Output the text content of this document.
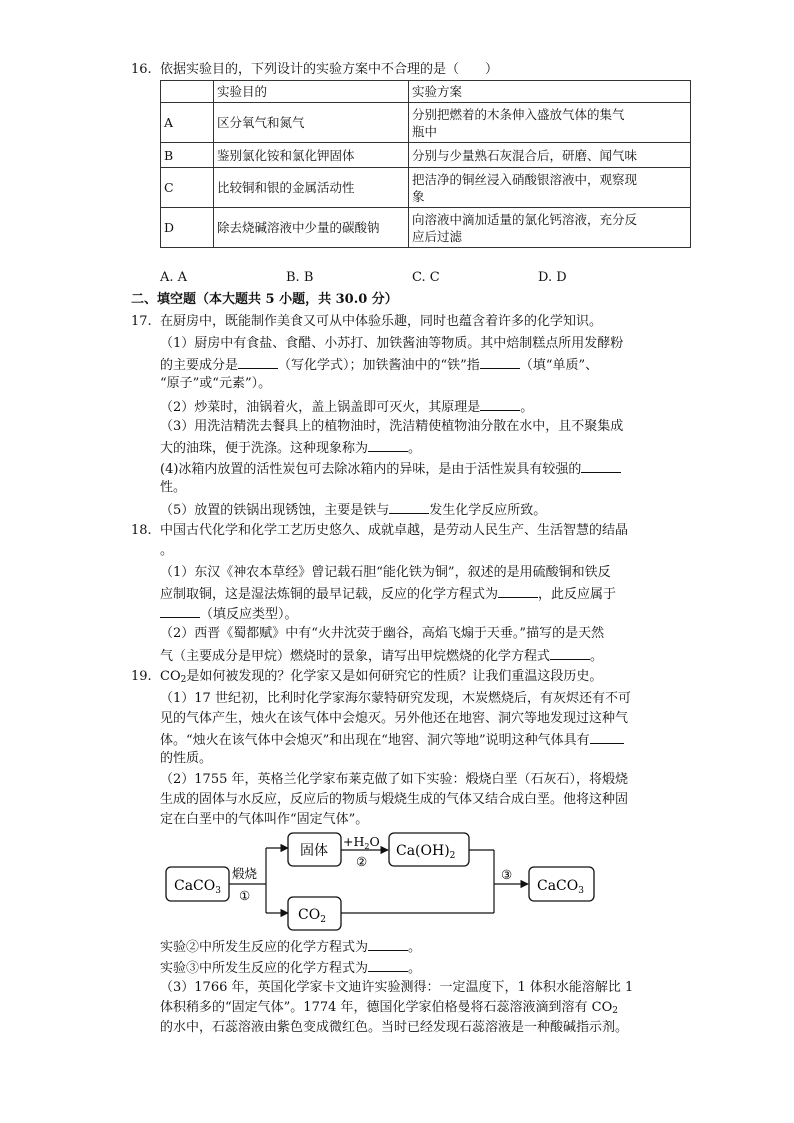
16. 依据实验目的，下列设计的实验方案中不合理的是（　　）
	实验目的	实验方案
A	区分氧气和氮气	分别把燃着的木条伸入盛放气体的集气
瓶中

B	鉴别氯化铵和氯化钾固体	分别与少量熟石灰混合后，研磨、闻气味

C	比较铜和银的金属活动性	把洁净的铜丝浸入硝酸银溶液中，观察现
象

D	除去烧碱溶液中少量的碳酸钠	向溶液中滴加适量的氯化钙溶液，充分反
应后过滤
A. A	B. B	C. C	D. D
二、填空题（本大题共 5 小题，共 30.0 分）
17. 在厨房中，既能制作美食又可从中体验乐趣，同时也蕴含着许多的化学知识。
（1）厨房中有食盐、食醋、小苏打、加铁酱油等物质。其中焙制糕点所用发酵粉
的主要成分是	（写化学式）；加铁酱油中的“铁”指	（填“单质”、
“原子”或“元素”）。
（2）炒菜时，油锅着火，盖上锅盖即可灭火，其原理是	。
（3）用洗洁精洗去餐具上的植物油时，洗洁精使植物油分散在水中，且不聚集成
大的油珠，便于洗涤。这种现象称为	。
(4)冰箱内放置的活性炭包可去除冰箱内的异味，是由于活性炭具有较强的
性。
（5）放置的铁锅出现锈蚀，主要是铁与	发生化学反应所致。
18. 中国古代化学和化学工艺历史悠久、成就卓越，是劳动人民生产、生活智慧的结晶
。
（1）东汉《神农本草经》曾记载石胆“能化铁为铜”，叙述的是用硫酸铜和铁反
应制取铜，这是湿法炼铜的最早记载，反应的化学方程式为	，此反应属于
（填反应类型）。
（2）西晋《蜀都赋》中有“火井沈荧于幽谷，高焰飞煽于天垂。”描写的是天然
气（主要成分是甲烷）燃烧时的景象，请写出甲烷燃烧的化学方程式	。
19. $CO_2$是如何被发现的？化学家又是如何研究它的性质？让我们重温这段历史。
（1）17 世纪初，比利时化学家海尔蒙特研究发现，木炭燃烧后，有灰烬还有不可
见的气体产生，烛火在该气体中会熄灭。另外他还在地窖、洞穴等地发现过这种气
体。“烛火在该气体中会熄灭”和出现在“地窖、洞穴等地”说明这种气体具有
的性质。
（2）1755 年，英格兰化学家布莱克做了如下实验：煅烧白垩（石灰石），将煅烧
生成的固体与水反应，反应后的物质与煅烧生成的气体又结合成白垩。他将这种固
定在白垩中的气体叫作“固定气体”。
CaCO$_3$
煅烧
①
固体
$+H_2O$
②
$Ca(OH)_2$
$CO_2$
③
CaCO$_3$
实验②中所发生反应的化学方程式为	。
实验③中所发生反应的化学方程式为	。
（3）1766 年，英国化学家卡文迪许实验测得：一定温度下，1 体积水能溶解比 1
体积稍多的“固定气体”。1774 年，德国化学家伯格曼将石蕊溶液滴到溶有 $CO_2$
的水中，石蕊溶液由紫色变成微红色。当时已经发现石蕊溶液是一种酸碱指示剂。
